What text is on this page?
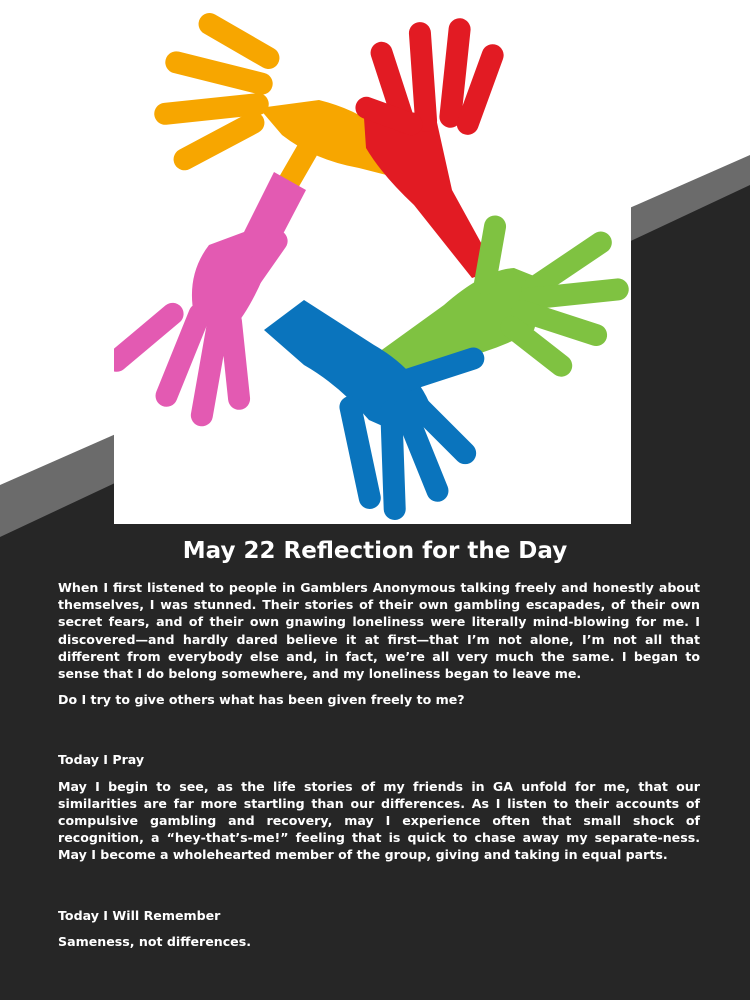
May 22 Reflection for the Day

When I first listened to people in Gamblers Anonymous talking freely and honestly about themselves, I was stunned. Their stories of their own gambling escapades, of their own secret fears, and of their own gnawing loneliness were literally mind-blowing for me. I discovered—and hardly dared believe it at first—that I’m not alone, I’m not all that different from everybody else and, in fact, we’re all very much the same. I began to sense that I do belong somewhere, and my loneliness began to leave me.

Do I try to give others what has been given freely to me?

Today I Pray

May I begin to see, as the life stories of my friends in GA unfold for me, that our similarities are far more startling than our differences. As I listen to their accounts of compulsive gambling and recovery, may I experience often that small shock of recognition, a “hey-that’s-me!” feeling that is quick to chase away my separate-ness. May I become a wholehearted member of the group, giving and taking in equal parts.

Today I Will Remember

Sameness, not differences.
